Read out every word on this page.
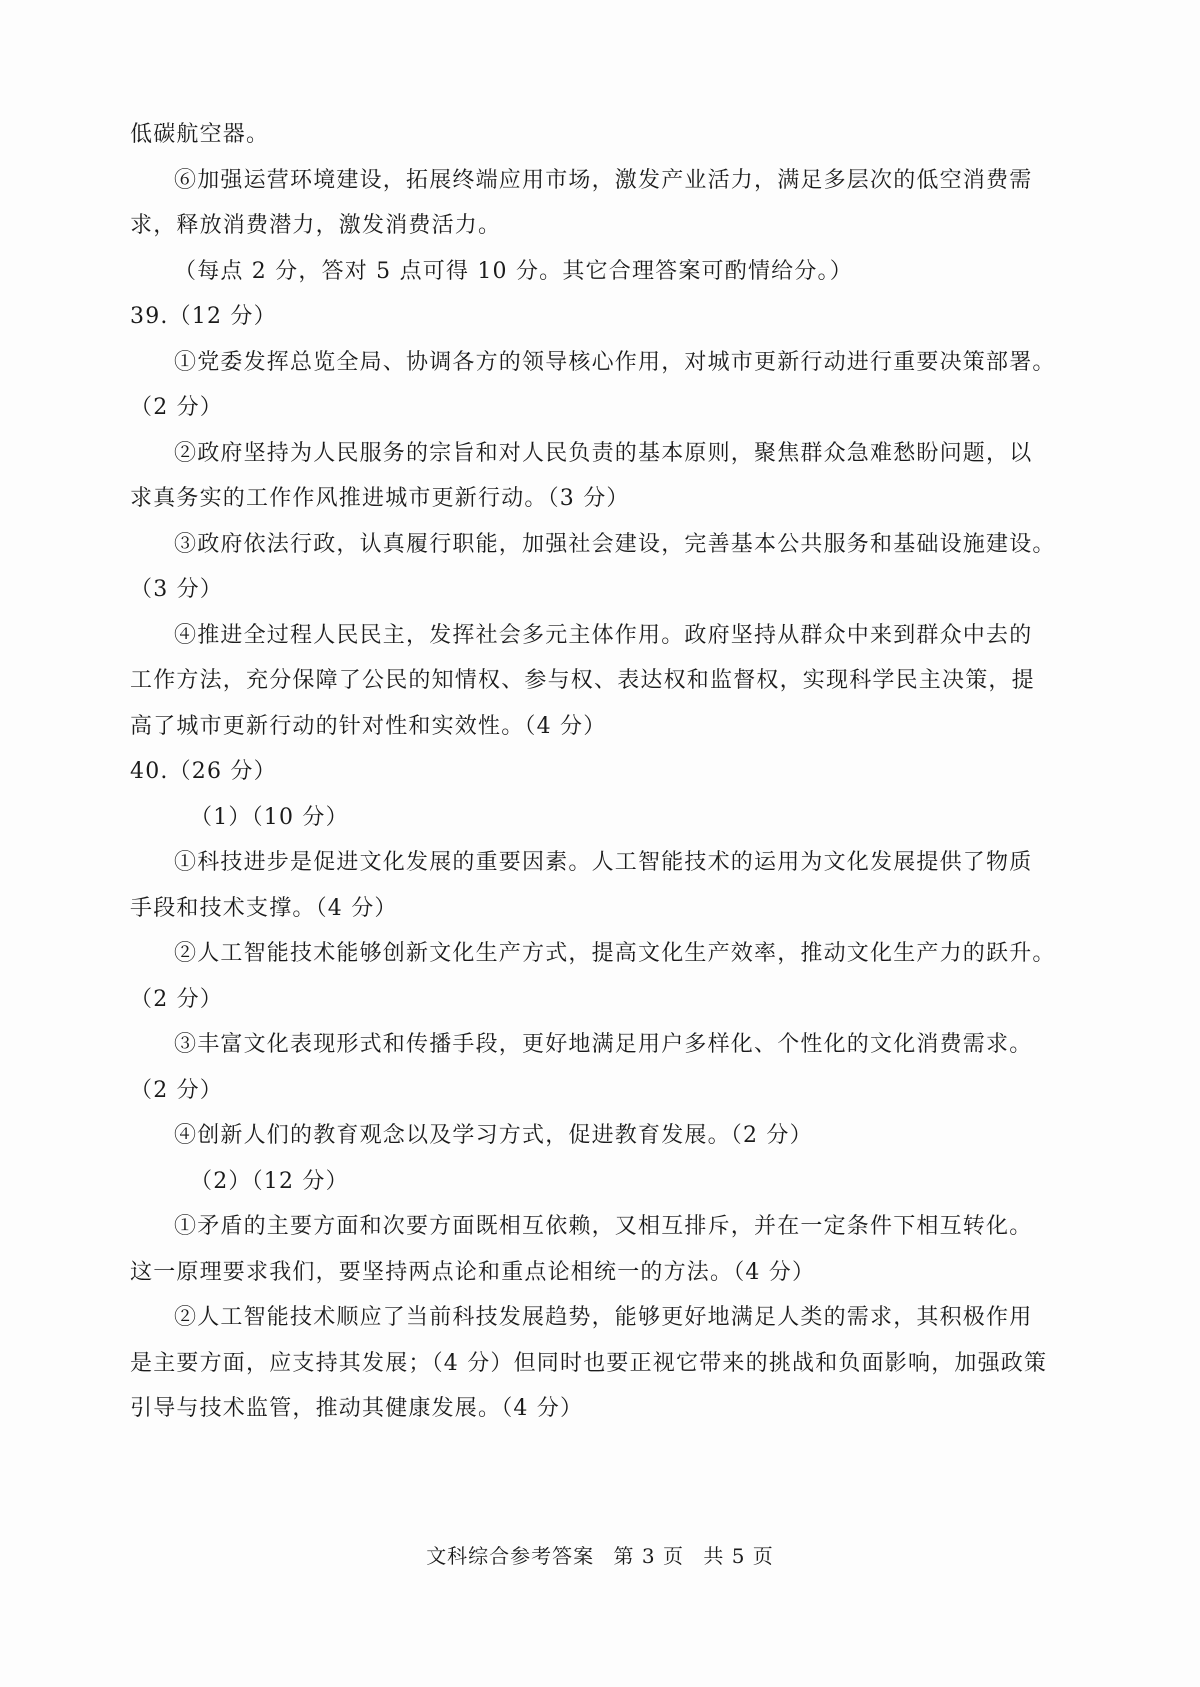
低碳航空器。
⑥加强运营环境建设，拓展终端应用市场，激发产业活力，满足多层次的低空消费需
求，释放消费潜力，激发消费活力。
（每点 2 分，答对 5 点可得 10 分。其它合理答案可酌情给分。）
39.（12 分）
①党委发挥总览全局、协调各方的领导核心作用，对城市更新行动进行重要决策部署。
（2 分）
②政府坚持为人民服务的宗旨和对人民负责的基本原则，聚焦群众急难愁盼问题，以
求真务实的工作作风推进城市更新行动。（3 分）
③政府依法行政，认真履行职能，加强社会建设，完善基本公共服务和基础设施建设。
（3 分）
④推进全过程人民民主，发挥社会多元主体作用。政府坚持从群众中来到群众中去的
工作方法，充分保障了公民的知情权、参与权、表达权和监督权，实现科学民主决策，提
高了城市更新行动的针对性和实效性。（4 分）
40.（26 分）
（1）（10 分）
①科技进步是促进文化发展的重要因素。人工智能技术的运用为文化发展提供了物质
手段和技术支撑。（4 分）
②人工智能技术能够创新文化生产方式，提高文化生产效率，推动文化生产力的跃升。
（2 分）
③丰富文化表现形式和传播手段，更好地满足用户多样化、个性化的文化消费需求。
（2 分）
④创新人们的教育观念以及学习方式，促进教育发展。（2 分）
（2）（12 分）
①矛盾的主要方面和次要方面既相互依赖，又相互排斥，并在一定条件下相互转化。
这一原理要求我们，要坚持两点论和重点论相统一的方法。（4 分）
②人工智能技术顺应了当前科技发展趋势，能够更好地满足人类的需求，其积极作用
是主要方面，应支持其发展；（4 分）但同时也要正视它带来的挑战和负面影响，加强政策
引导与技术监管，推动其健康发展。（4 分）
文科综合参考答案 第 3 页 共 5 页
